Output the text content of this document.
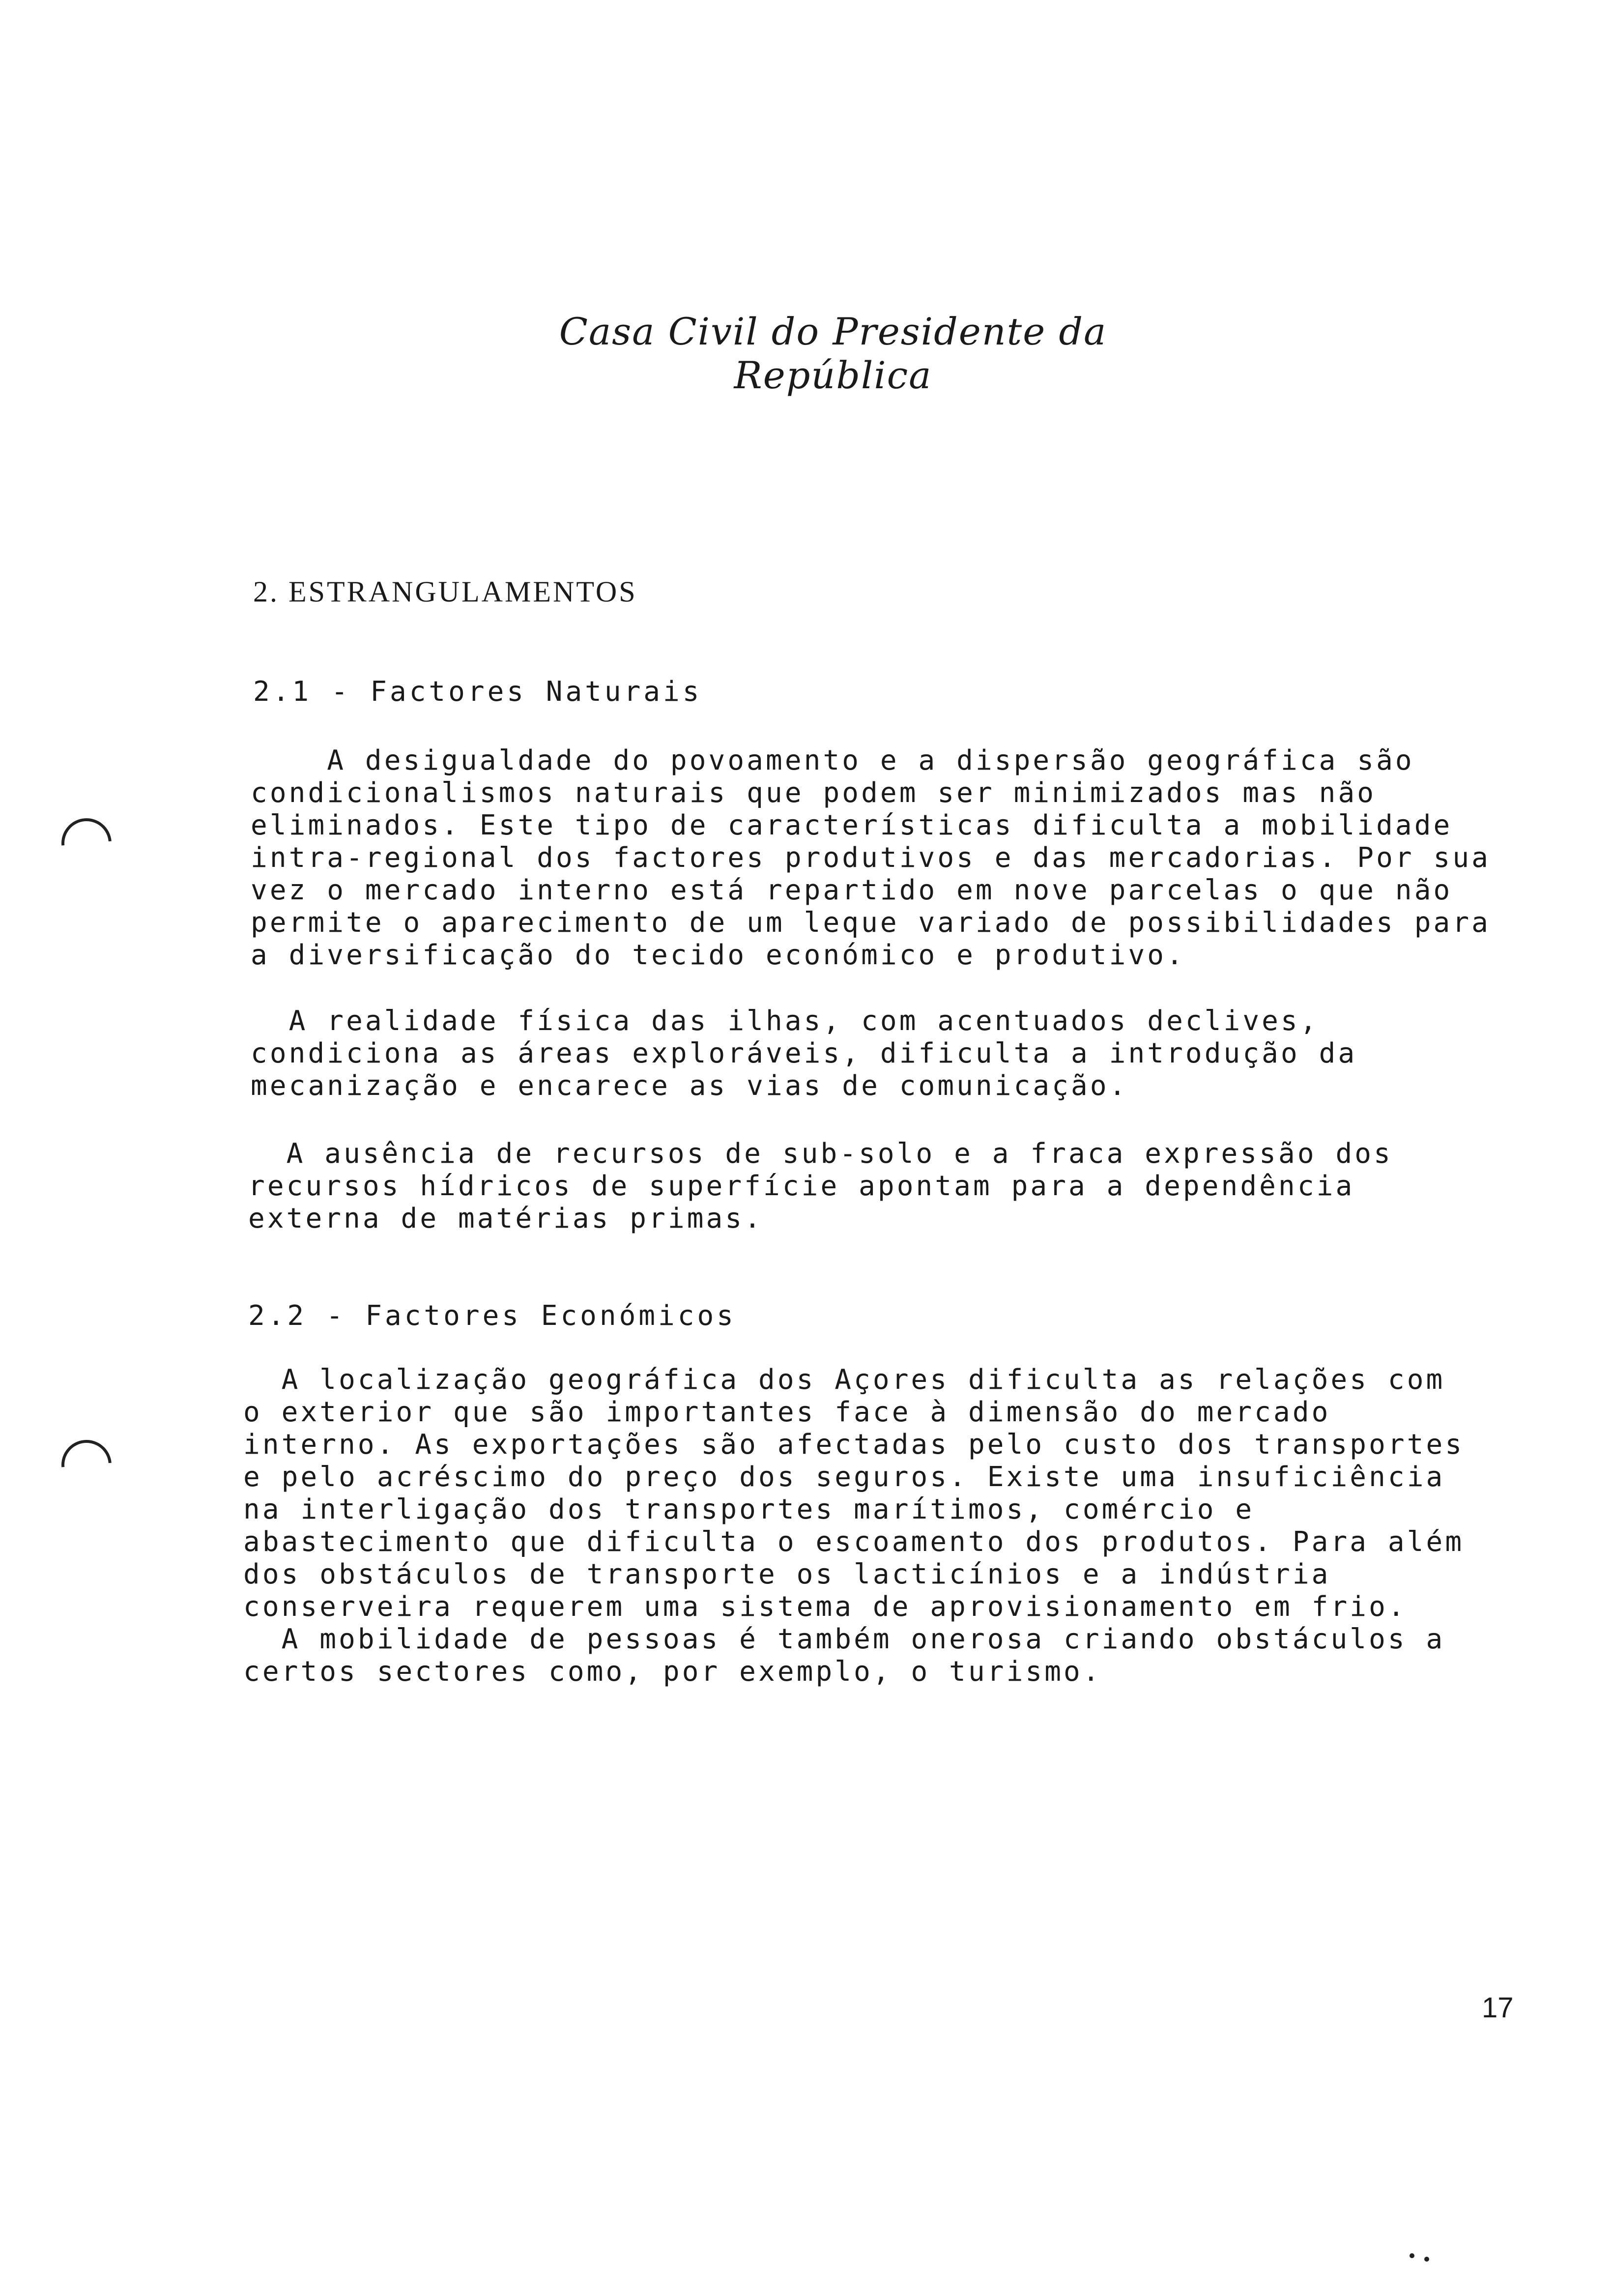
Casa Civil do Presidente da República
2. ESTRANGULAMENTOS
2.1 - Factores Naturais
A desigualdade do povoamento e a dispersão geográfica são
condicionalismos naturais que podem ser minimizados mas não
eliminados. Este tipo de características dificulta a mobilidade
intra-regional dos factores produtivos e das mercadorias. Por sua
vez o mercado interno está repartido em nove parcelas o que não
permite o aparecimento de um leque variado de possibilidades para
a diversificação do tecido económico e produtivo.
A realidade física das ilhas, com acentuados declives,
condiciona as áreas exploráveis, dificulta a introdução da
mecanização e encarece as vias de comunicação.
A ausência de recursos de sub-solo e a fraca expressão dos
recursos hídricos de superfície apontam para a dependência
externa de matérias primas.
2.2 - Factores Económicos
A localização geográfica dos Açores dificulta as relações com
o exterior que são importantes face à dimensão do mercado
interno. As exportações são afectadas pelo custo dos transportes
e pelo acréscimo do preço dos seguros. Existe uma insuficiência
na interligação dos transportes marítimos, comércio e
abastecimento que dificulta o escoamento dos produtos. Para além
dos obstáculos de transporte os lacticínios e a indústria
conserveira requerem uma sistema de aprovisionamento em frio.
A mobilidade de pessoas é também onerosa criando obstáculos a
certos sectores como, por exemplo, o turismo.
17
